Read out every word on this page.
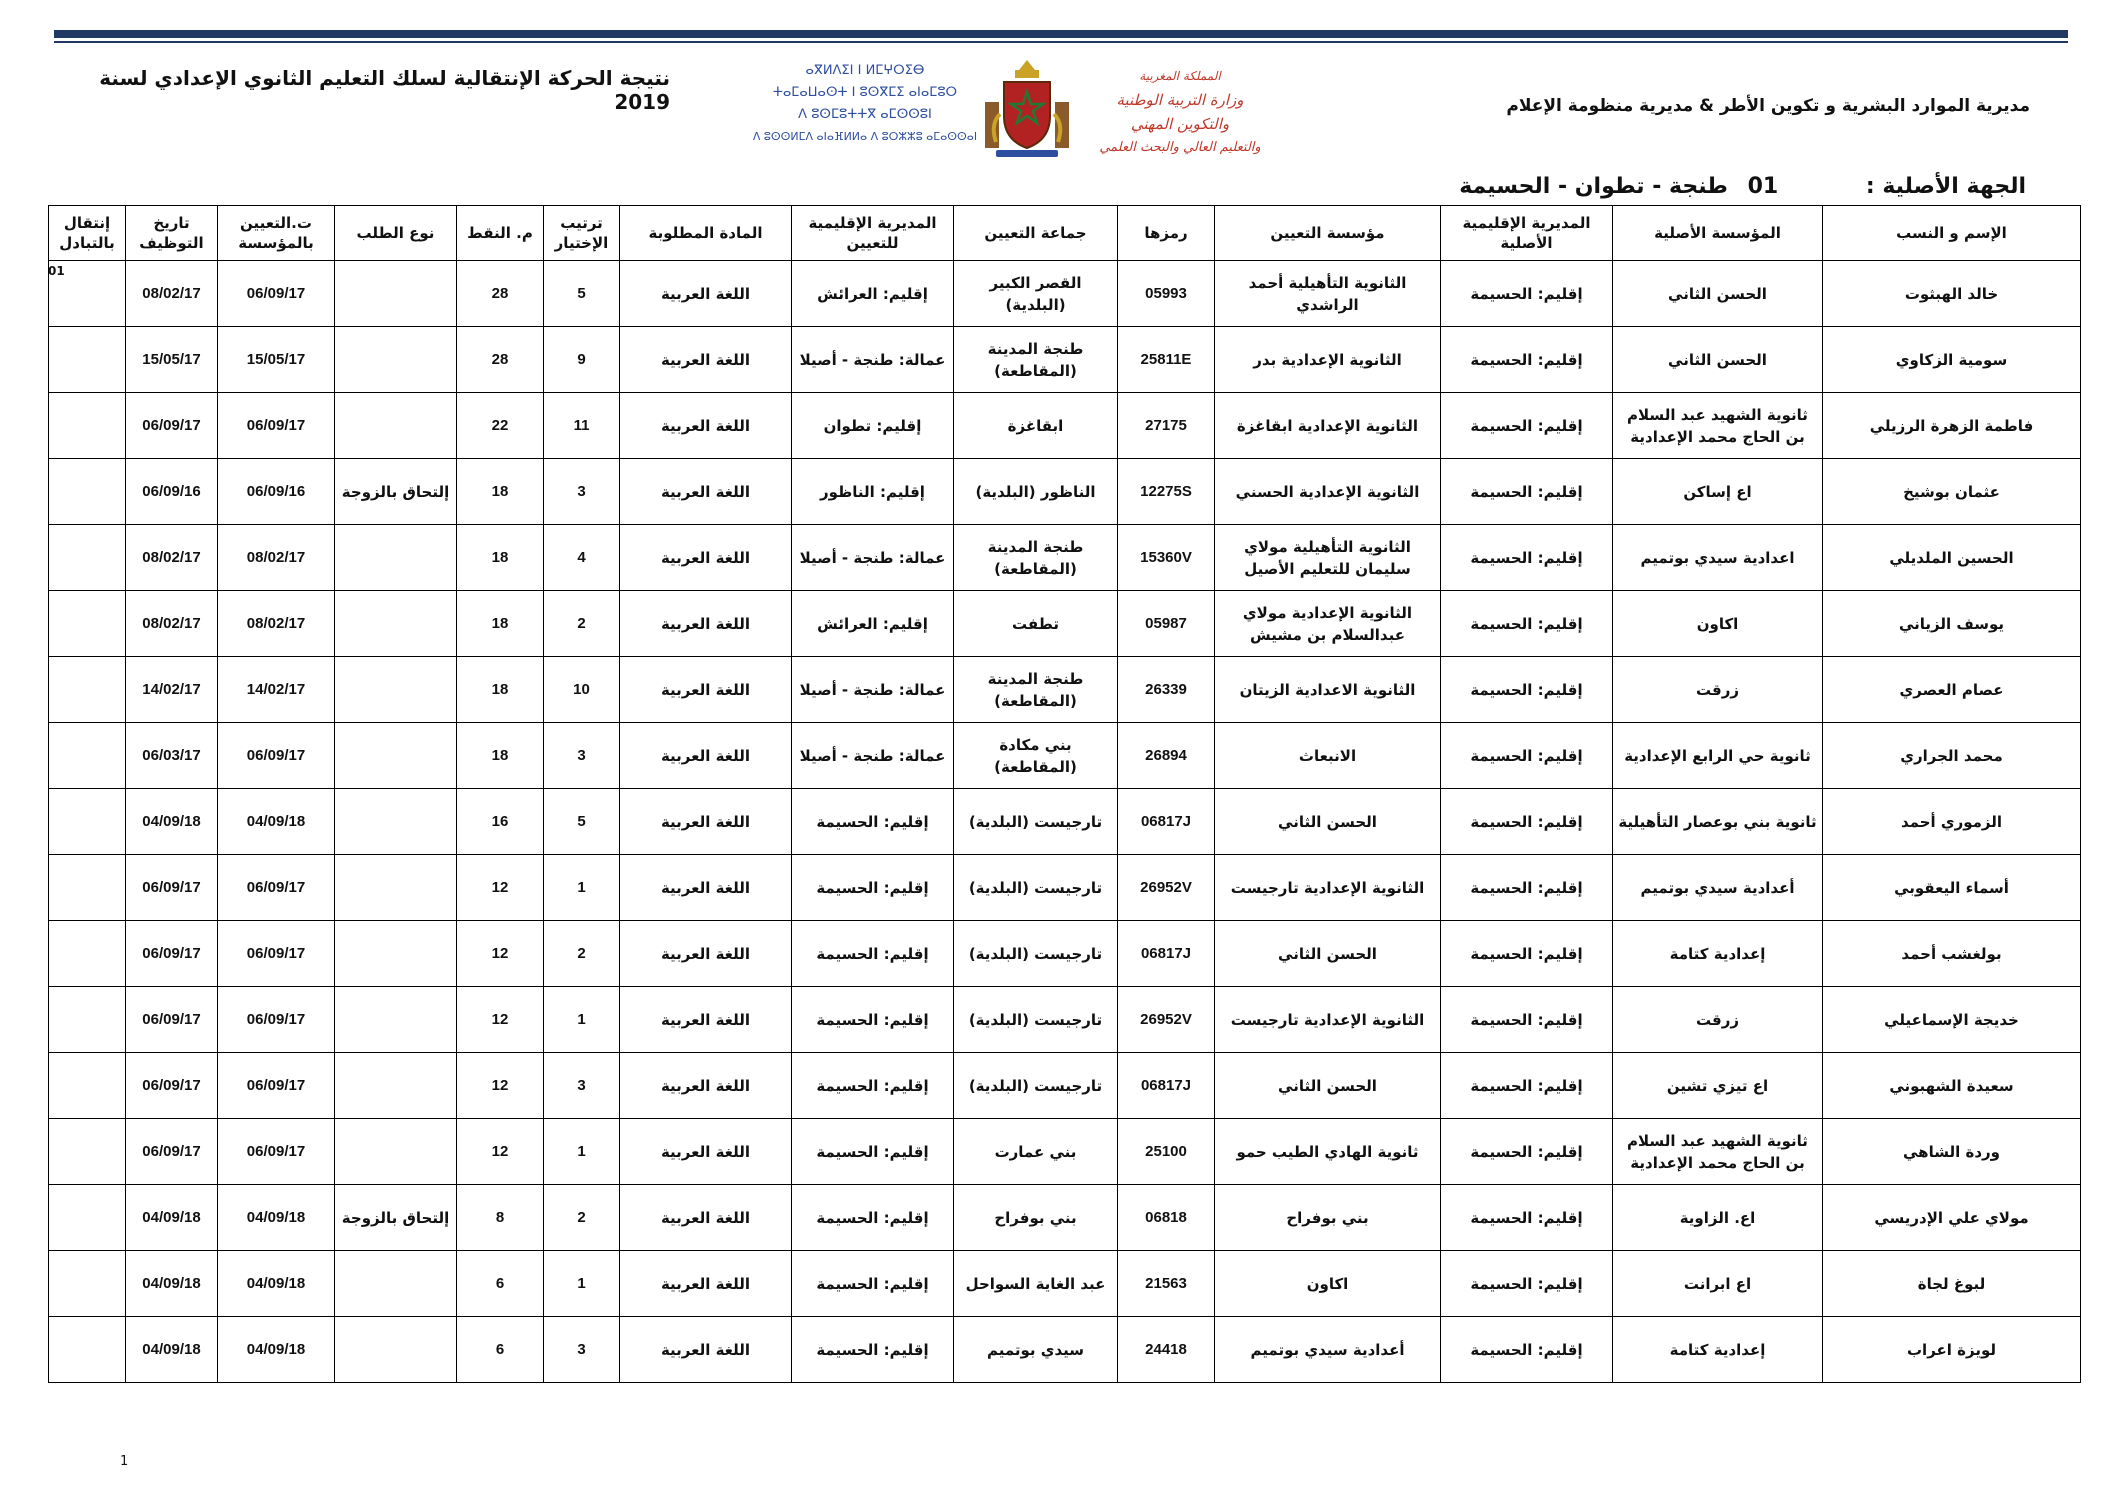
نتيجة الحركة الإنتقالية لسلك التعليم الثانوي الإعدادي لسنة 2019
ⴰⴳⵍⴷⵉⵏ ⵏ ⵍⵎⵖⵔⵉⴱ
ⵜⴰⵎⴰⵡⴰⵙⵜ ⵏ ⵓⵙⴳⵎⵉ ⴰⵏⴰⵎⵓⵔ
ⴷ ⵓⵙⵎⵓⵜⵜⴳ ⴰⵎⵙⵙⵓⵏ
ⴷ ⵓⵙⵙⵍⵎⴷ ⴰⵏⴰⴼⵍⵍⴰ ⴷ ⵓⵔⵣⵣⵓ ⴰⵎⴰⵙⵙⴰⵏ
المملكة المغربية
وزارة التربية الوطنية
والتكوين المهني
والتعليم العالي والبحث العلمي
مديرية الموارد البشرية و تكوين الأطر & مديرية منظومة الإعلام
الجهة الأصلية : 01 طنجة - تطوان - الحسيمة
الإسم و النسب	المؤسسة الأصلية	المديرية الإقليمية الأصلية	مؤسسة التعيين	رمزها	جماعة التعيين	المديرية الإقليمية للتعيين	المادة المطلوبة	ترتيب الإختيار	م. النقط	نوع الطلب	ت.التعيين بالمؤسسة	تاريخ التوظيف	إنتقال بالتبادل
خالد الهبثوت	الحسن الثاني	إقليم: الحسيمة	الثانوية التأهيلية أحمد الراشدي	05993	القصر الكبير (البلدية)	إقليم: العرائش	اللغة العربية	5	28		06/09/17	08/02/17	
سومية الزكاوي	الحسن الثاني	إقليم: الحسيمة	الثانوية الإعدادية بدر	25811E	طنجة المدينة (المقاطعة)	عمالة: طنجة - أصيلا	اللغة العربية	9	28		15/05/17	15/05/17	
فاطمة الزهرة الرزيلي	ثانوية الشهيد عبد السلام بن الحاج محمد الإعدادية	إقليم: الحسيمة	الثانوية الإعدادية ابقاغزة	27175	ابقاغزة	إقليم: تطوان	اللغة العربية	11	22		06/09/17	06/09/17	
عثمان بوشيخ	اع إساكن	إقليم: الحسيمة	الثانوية الإعدادية الحسني	12275S	الناظور (البلدية)	إقليم: الناظور	اللغة العربية	3	18	إلتحاق بالزوجة	06/09/16	06/09/16	
الحسين الملديلي	اعدادية سيدي بوتميم	إقليم: الحسيمة	الثانوية التأهيلية مولاي سليمان للتعليم الأصيل	15360V	طنجة المدينة (المقاطعة)	عمالة: طنجة - أصيلا	اللغة العربية	4	18		08/02/17	08/02/17	
يوسف الزياني	اكاون	إقليم: الحسيمة	الثانوية الإعدادية مولاي عبدالسلام بن مشيش	05987	تطفت	إقليم: العرائش	اللغة العربية	2	18		08/02/17	08/02/17	
عصام العصري	زرقت	إقليم: الحسيمة	الثانوية الاعدادية الزيتان	26339	طنجة المدينة (المقاطعة)	عمالة: طنجة - أصيلا	اللغة العربية	10	18		14/02/17	14/02/17	
محمد الجراري	ثانوية حي الرابع الإعدادية	إقليم: الحسيمة	الانبعاث	26894	بني مكادة (المقاطعة)	عمالة: طنجة - أصيلا	اللغة العربية	3	18		06/09/17	06/03/17	
الزموري أحمد	ثانوية بني بوعصار التأهيلية	إقليم: الحسيمة	الحسن الثاني	06817J	تارجيست (البلدية)	إقليم: الحسيمة	اللغة العربية	5	16		04/09/18	04/09/18	
أسماء اليعقوبي	أعدادية سيدي بوتميم	إقليم: الحسيمة	الثانوية الإعدادية تارجيست	26952V	تارجيست (البلدية)	إقليم: الحسيمة	اللغة العربية	1	12		06/09/17	06/09/17	
بولغشب أحمد	إعدادية كتامة	إقليم: الحسيمة	الحسن الثاني	06817J	تارجيست (البلدية)	إقليم: الحسيمة	اللغة العربية	2	12		06/09/17	06/09/17	
خديجة الإسماعيلي	زرقت	إقليم: الحسيمة	الثانوية الإعدادية تارجيست	26952V	تارجيست (البلدية)	إقليم: الحسيمة	اللغة العربية	1	12		06/09/17	06/09/17	
سعيدة الشهبوني	اع تيزي تشين	إقليم: الحسيمة	الحسن الثاني	06817J	تارجيست (البلدية)	إقليم: الحسيمة	اللغة العربية	3	12		06/09/17	06/09/17	
وردة الشاهي	ثانوية الشهيد عبد السلام بن الحاج محمد الإعدادية	إقليم: الحسيمة	ثانوية الهادي الطيب حمو	25100	بني عمارت	إقليم: الحسيمة	اللغة العربية	1	12		06/09/17	06/09/17	
مولاي علي الإدريسي	اع. الزاوية	إقليم: الحسيمة	بني بوفراح	06818	بني بوفراح	إقليم: الحسيمة	اللغة العربية	2	8	إلتحاق بالزوجة	04/09/18	04/09/18	
لبوغ لجاة	اع ابرانت	إقليم: الحسيمة	اكاون	21563	عبد الغاية السواحل	إقليم: الحسيمة	اللغة العربية	1	6		04/09/18	04/09/18	
لويزة اعراب	إعدادية كتامة	إقليم: الحسيمة	أعدادية سيدي بوتميم	24418	سيدي بوتميم	إقليم: الحسيمة	اللغة العربية	3	6		04/09/18	04/09/18	
01
1
